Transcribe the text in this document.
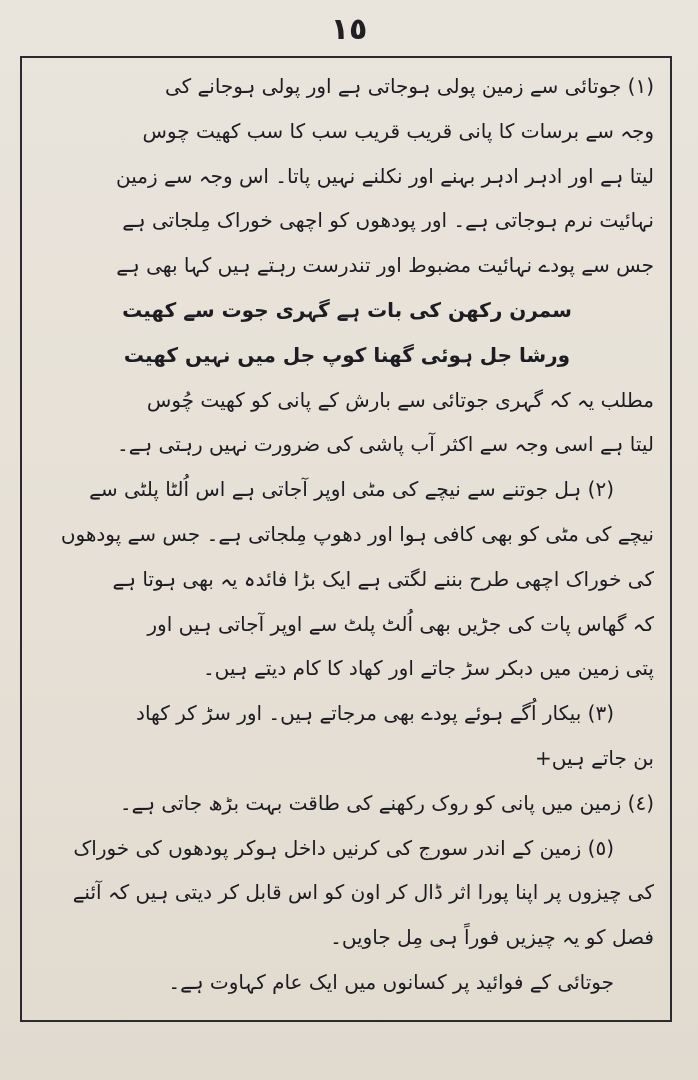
١٥
(١) جوتائی سے زمین پولی ہوجاتی ہے اور پولی ہوجانے کی
وجہ سے برسات کا پانی قریب قریب سب کا سب کھیت چوس
لیتا ہے اور ادہر ادہر بہنے اور نکلنے نہیں پاتا۔ اس وجہ سے زمین
نہائیت نرم ہوجاتی ہے۔ اور پودھوں کو اچھی خوراک مِلجاتی ہے
جس سے پودے نہائیت مضبوط اور تندرست رہتے ہیں کہا بھی ہے
سمرن رکھن کی بات ہے گہری جوت سے کھیت
ورشا جل ہوئی گھنا کوپ جل میں نہیں کھیت
مطلب یہ کہ گہری جوتائی سے بارش کے پانی کو کھیت چُوس
لیتا ہے اسی وجہ سے اکثر آب پاشی کی ضرورت نہیں رہتی ہے۔
(٢) ہل جوتنے سے نیچے کی مٹی اوپر آجاتی ہے اس اُلٹا پلٹی سے
نیچے کی مٹی کو بھی کافی ہوا اور دھوپ مِلجاتی ہے۔ جس سے پودھوں
کی خوراک اچھی طرح بننے لگتی ہے ایک بڑا فائدہ یہ بھی ہوتا ہے
کہ گھاس پات کی جڑیں بھی اُلٹ پلٹ سے اوپر آجاتی ہیں اور
پتی زمین میں دبکر سڑ جاتے اور کھاد کا کام دیتے ہیں۔
(٣) بیکار اُگے ہوئے پودے بھی مرجاتے ہیں۔ اور سڑ کر کھاد
بن جاتے ہیں+
(٤) زمین میں پانی کو روک رکھنے کی طاقت بہت بڑھ جاتی ہے۔
(٥) زمین کے اندر سورج کی کرنیں داخل ہوکر پودھوں کی خوراک
کی چیزوں پر اپنا پورا اثر ڈال کر اون کو اس قابل کر دیتی ہیں کہ آئنے
فصل کو یہ چیزیں فوراً ہی مِل جاویں۔
جوتائی کے فوائید پر کسانوں میں ایک عام کہاوت ہے۔
